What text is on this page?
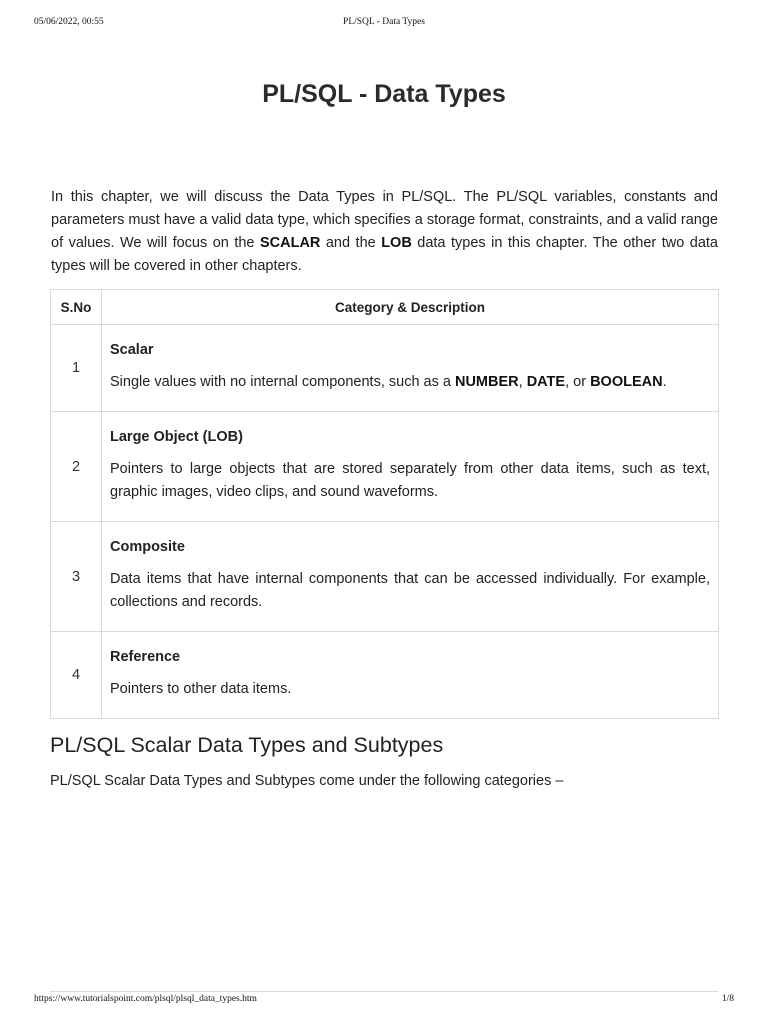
05/06/2022, 00:55	PL/SQL - Data Types
PL/SQL - Data Types

In this chapter, we will discuss the Data Types in PL/SQL. The PL/SQL variables, constants and parameters must have a valid data type, which specifies a storage format, constraints, and a valid range of values. We will focus on the SCALAR and the LOB data types in this chapter. The other two data types will be covered in other chapters.

S.No	Category & Description
1	Scalar

Single values with no internal components, such as a NUMBER, DATE, or BOOLEAN.

2	Large Object (LOB)

Pointers to large objects that are stored separately from other data items, such as text, graphic images, video clips, and sound waveforms.

3	Composite

Data items that have internal components that can be accessed individually. For example, collections and records.

4	Reference

Pointers to other data items.

PL/SQL Scalar Data Types and Subtypes

PL/SQL Scalar Data Types and Subtypes come under the following categories –

https://www.tutorialspoint.com/plsql/plsql_data_types.htm	1/8
